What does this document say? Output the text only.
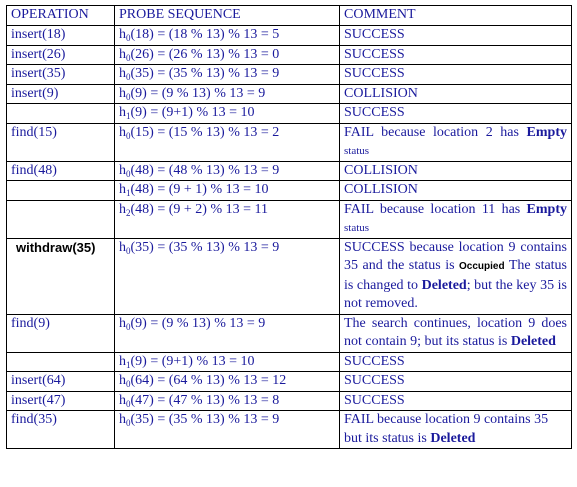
OPERATION	PROBE SEQUENCE	COMMENT
insert(18)	$h_0(18) = (18$ % 13) % 13 = 5	SUCCESS
insert(26)	$h_0(26) = (26$ % 13) % 13 = 0	SUCCESS
insert(35)	$h_0(35) = (35$ % 13) % 13 = 9	SUCCESS
insert(9)	$h_0(9) = (9$ % 13) % 13 = 9	COLLISION
	$h_1(9) = (9+1)$ % 13 = 10	SUCCESS
find(15)	$h_0(15) = (15$ % 13) % 13 = 2	FAIL because location 2 has Empty status
find(48)	$h_0(48) = (48$ % 13) % 13 = 9	COLLISION
	$h_1(48) = (9 + 1)$ % 13 = 10	COLLISION
	$h_2(48) = (9 + 2)$ % 13 = 11	FAIL because location 11 has Empty status
withdraw(35)	$h_0(35) = (35$ % 13) % 13 = 9	SUCCESS because location 9 contains 35 and the status is Occupied The status is changed to Deleted; but the key 35 is not removed.
find(9)	$h_0(9) = (9$ % 13) % 13 = 9	The search continues, location 9 does not contain 9; but its status is Deleted
	$h_1(9) = (9+1)$ % 13 = 10	SUCCESS
insert(64)	$h_0(64) = (64$ % 13) % 13 = 12	SUCCESS
insert(47)	$h_0(47) = (47$ % 13) % 13 = 8	SUCCESS
find(35)	$h_0(35) = (35$ % 13) % 13 = 9	FAIL because location 9 contains 35 but its status is Deleted
